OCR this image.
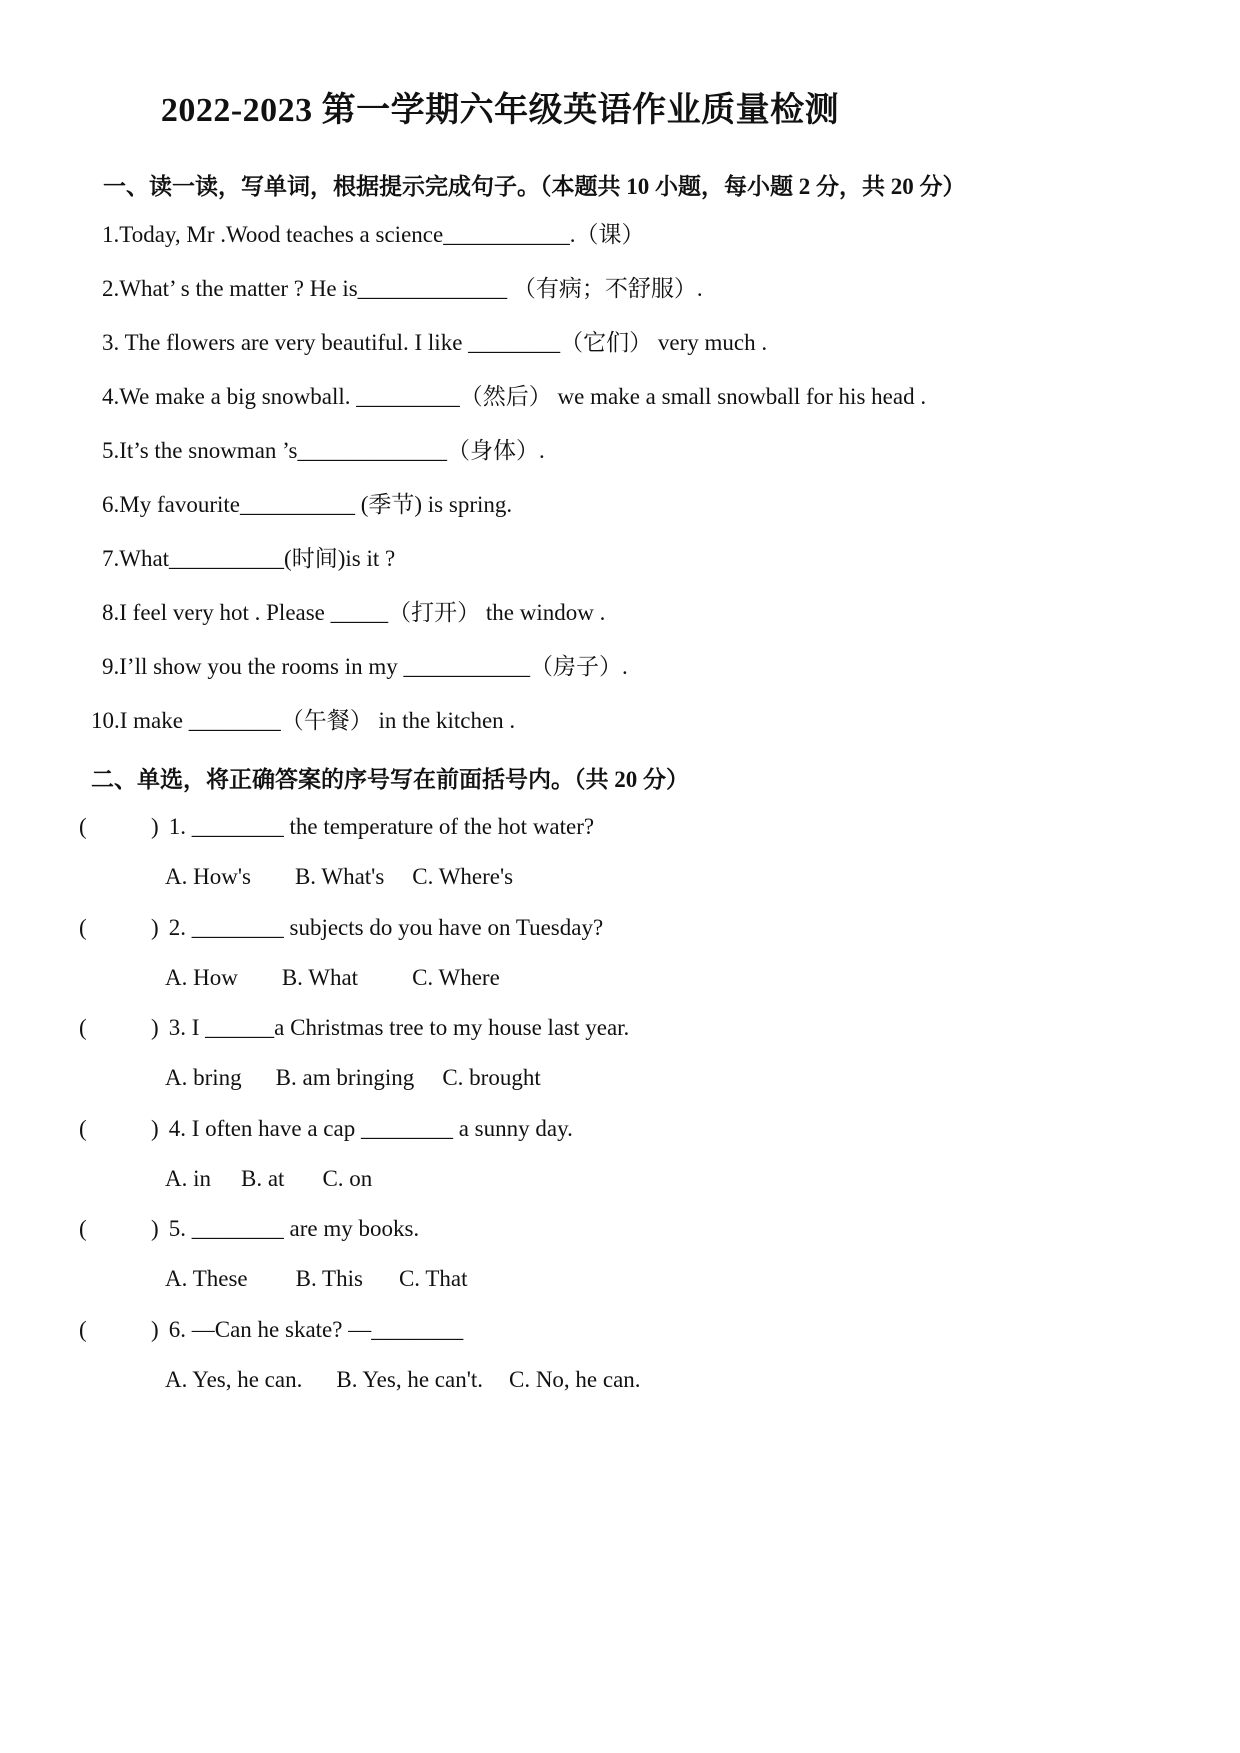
2022-2023 第一学期六年级英语作业质量检测
一、读一读，写单词，根据提示完成句子。（本题共 10 小题，每小题 2 分，共 20 分）
1.Today, Mr .Wood teaches a science___________.（课）
2.What’ s the matter ? He is_____________ （有病；不舒服）.
3. The flowers are very beautiful. I like ________（它们） very much .
4.We make a big snowball. _________（然后） we make a small snowball for his head .
5.It’s the snowman ’s_____________（身体）.
6.My favourite__________ (季节) is spring.
7.What__________(时间)is it ?
8.I feel very hot . Please _____（打开） the window .
9.I’ll show you the rooms in my ___________（房子）.
10.I make ________（午餐） in the kitchen .
二、单选，将正确答案的序号写在前面括号内。（共 20 分）
(	) 1. ________ the temperature of the hot water?
A. How's B. What's C. Where's
(	) 2. ________ subjects do you have on Tuesday?
A. How B. What C. Where
(	) 3. I ______a Christmas tree to my house last year.
A. bring B. am bringing C. brought
(	) 4. I often have a cap ________ a sunny day.
A. in B. at C. on
(	) 5. ________ are my books.
A. These B. This C. That
(	) 6. —Can he skate? —________
A. Yes, he can. B. Yes, he can't. C. No, he can.
